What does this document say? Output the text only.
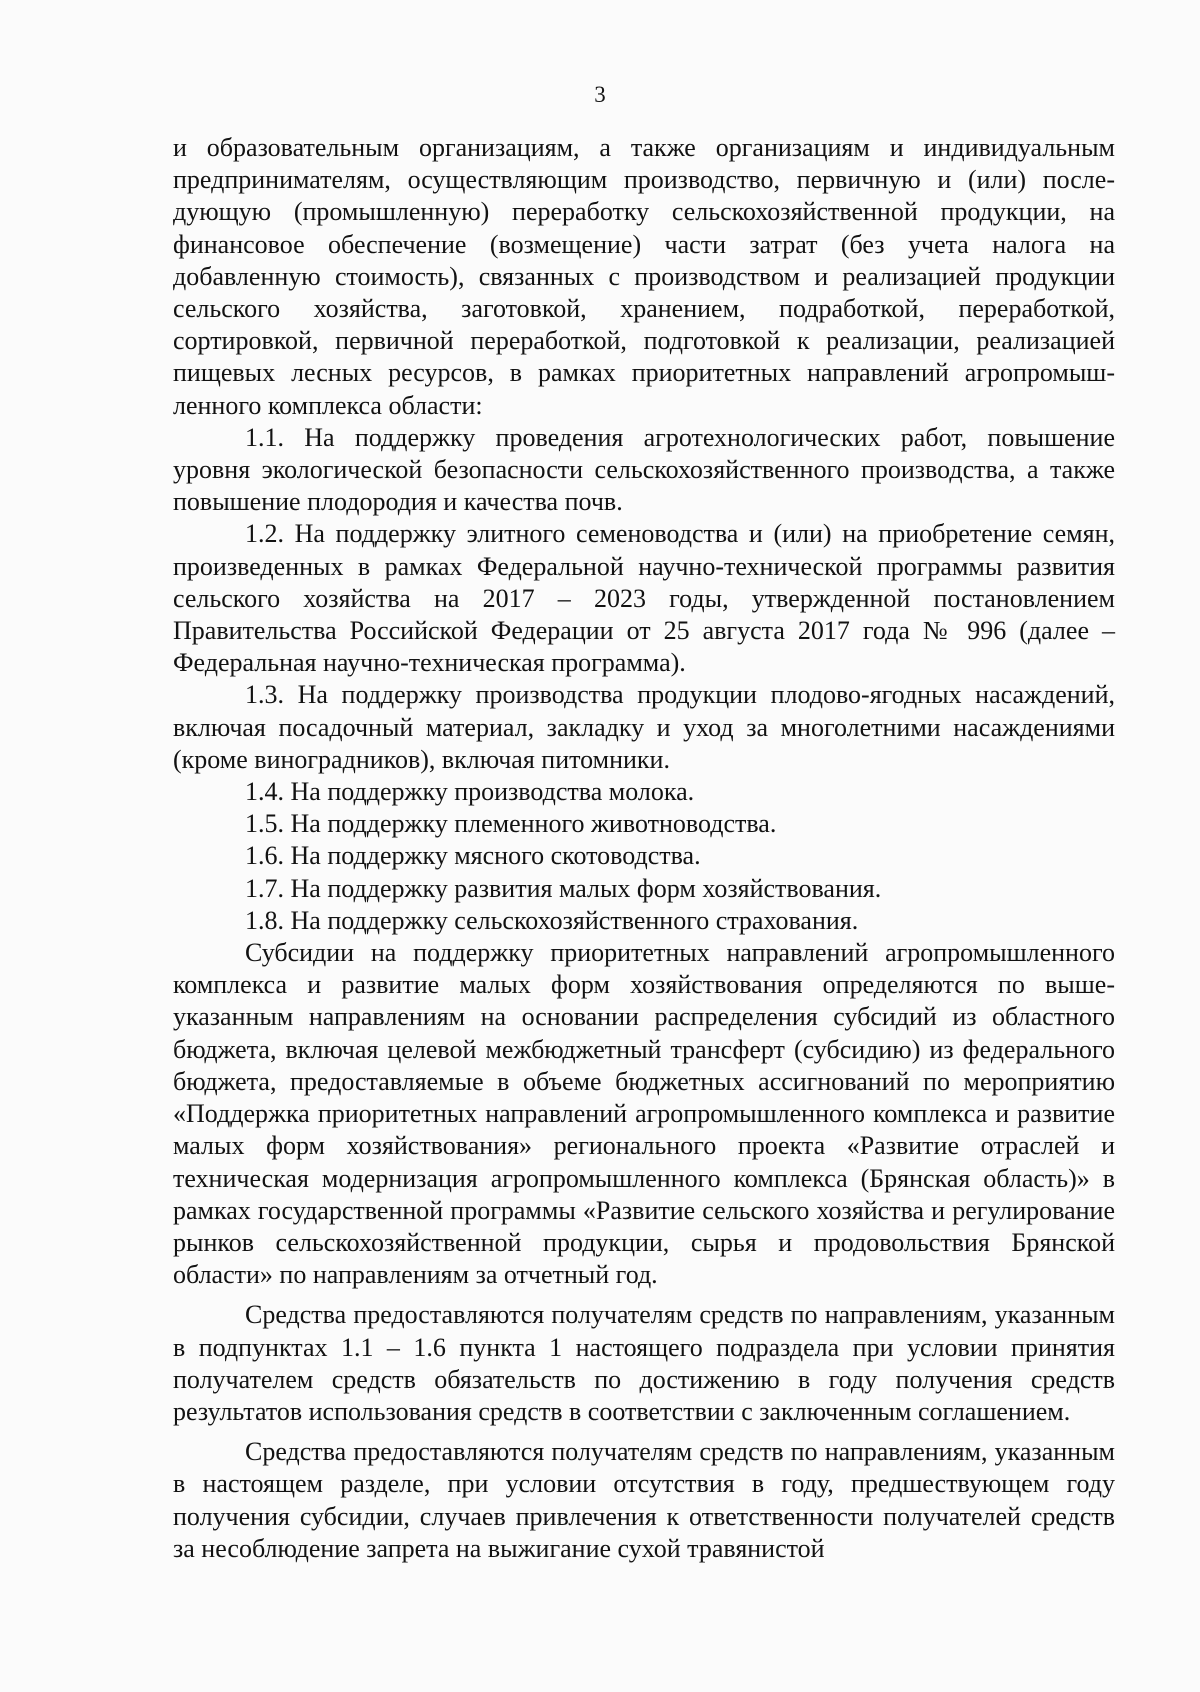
3

и образовательным организациям, а также организациям и индивидуальным предпринимателям, осуществляющим производство, первичную и (или) последующую (промышленную) переработку сельскохозяйственной продукции, на финансовое обеспечение (возмещение) части затрат (без учета налога на добавленную стоимость), связанных с производством и реализацией продукции сельского хозяйства, заготовкой, хранением, подработкой, переработкой, сортировкой, первичной переработкой, подготовкой к реализации, реализацией пищевых лесных ресурсов, в рамках приоритетных направлений агропромышленного комплекса области:

1.1. На поддержку проведения агротехнологических работ, повышение уровня экологической безопасности сельскохозяйственного производства, а также повышение плодородия и качества почв.

1.2. На поддержку элитного семеноводства и (или) на приобретение семян, произведенных в рамках Федеральной научно-технической программы развития сельского хозяйства на 2017 – 2023 годы, утвержденной постановлением Правительства Российской Федерации от 25 августа 2017 года № 996 (далее – Федеральная научно-техническая программа).

1.3. На поддержку производства продукции плодово-ягодных насаждений, включая посадочный материал, закладку и уход за многолетними насаждениями (кроме виноградников), включая питомники.

1.4. На поддержку производства молока.

1.5. На поддержку племенного животноводства.

1.6. На поддержку мясного скотоводства.

1.7. На поддержку развития малых форм хозяйствования.

1.8. На поддержку сельскохозяйственного страхования.

Субсидии на поддержку приоритетных направлений агропромышленного комплекса и развитие малых форм хозяйствования определяются по вышеуказанным направлениям на основании распределения субсидий из областного бюджета, включая целевой межбюджетный трансферт (субсидию) из федерального бюджета, предоставляемые в объеме бюджетных ассигнований по мероприятию «Поддержка приоритетных направлений агропромышленного комплекса и развитие малых форм хозяйствования» регионального проекта «Развитие отраслей и техническая модернизация агропромышленного комплекса (Брянская область)» в рамках государственной программы «Развитие сельского хозяйства и регулирование рынков сельскохозяйственной продукции, сырья и продовольствия Брянской области» по направлениям за отчетный год.

Средства предоставляются получателям средств по направлениям, указанным в подпунктах 1.1 – 1.6 пункта 1 настоящего подраздела при условии принятия получателем средств обязательств по достижению в году получения средств результатов использования средств в соответствии с заключенным соглашением.

Средства предоставляются получателям средств по направлениям, указанным в настоящем разделе, при условии отсутствия в году, предшествующем году получения субсидии, случаев привлечения к ответственности получателей средств за несоблюдение запрета на выжигание сухой травянистой
